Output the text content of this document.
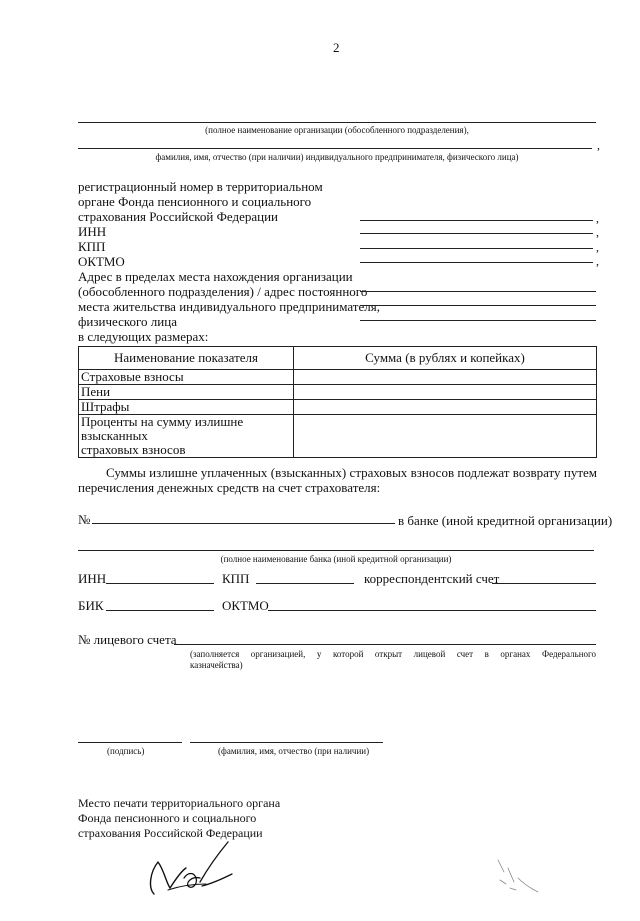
2
(полное наименование организации (обособленного подразделения),
,
фамилия, имя, отчество (при наличии) индивидуального предпринимателя, физического лица)
регистрационный номер в территориальном
органе Фонда пенсионного и социального
страхования Российской Федерации	,
ИНН	,
КПП	,
ОКТМО	,
Адрес в пределах места нахождения организации
(обособленного подразделения) / адрес постоянного
места жительства индивидуального предпринимателя,
физического лица
в следующих размерах:
Наименование показателя	Сумма (в рублях и копейках)
Страховые взносы	
Пени	
Штрафы	

Проценты на сумму излишне взысканных
страховых взносов	

Суммы излишне уплаченных (взысканных) страховых взносов подлежат возврату путем
перечисления денежных средств на счет страхователя:
№	в банке (иной кредитной организации)
(полное наименование банка (иной кредитной организации)
ИНН	КПП	корреспондентский счет
БИК	ОКТМО
№ лицевого счета
(заполняется организацией, у которой открыт лицевой счет в органах Федерального
казначейства)
(подпись)	(фамилия, имя, отчество (при наличии)
Место печати территориального органа
Фонда пенсионного и социального
страхования Российской Федерации
